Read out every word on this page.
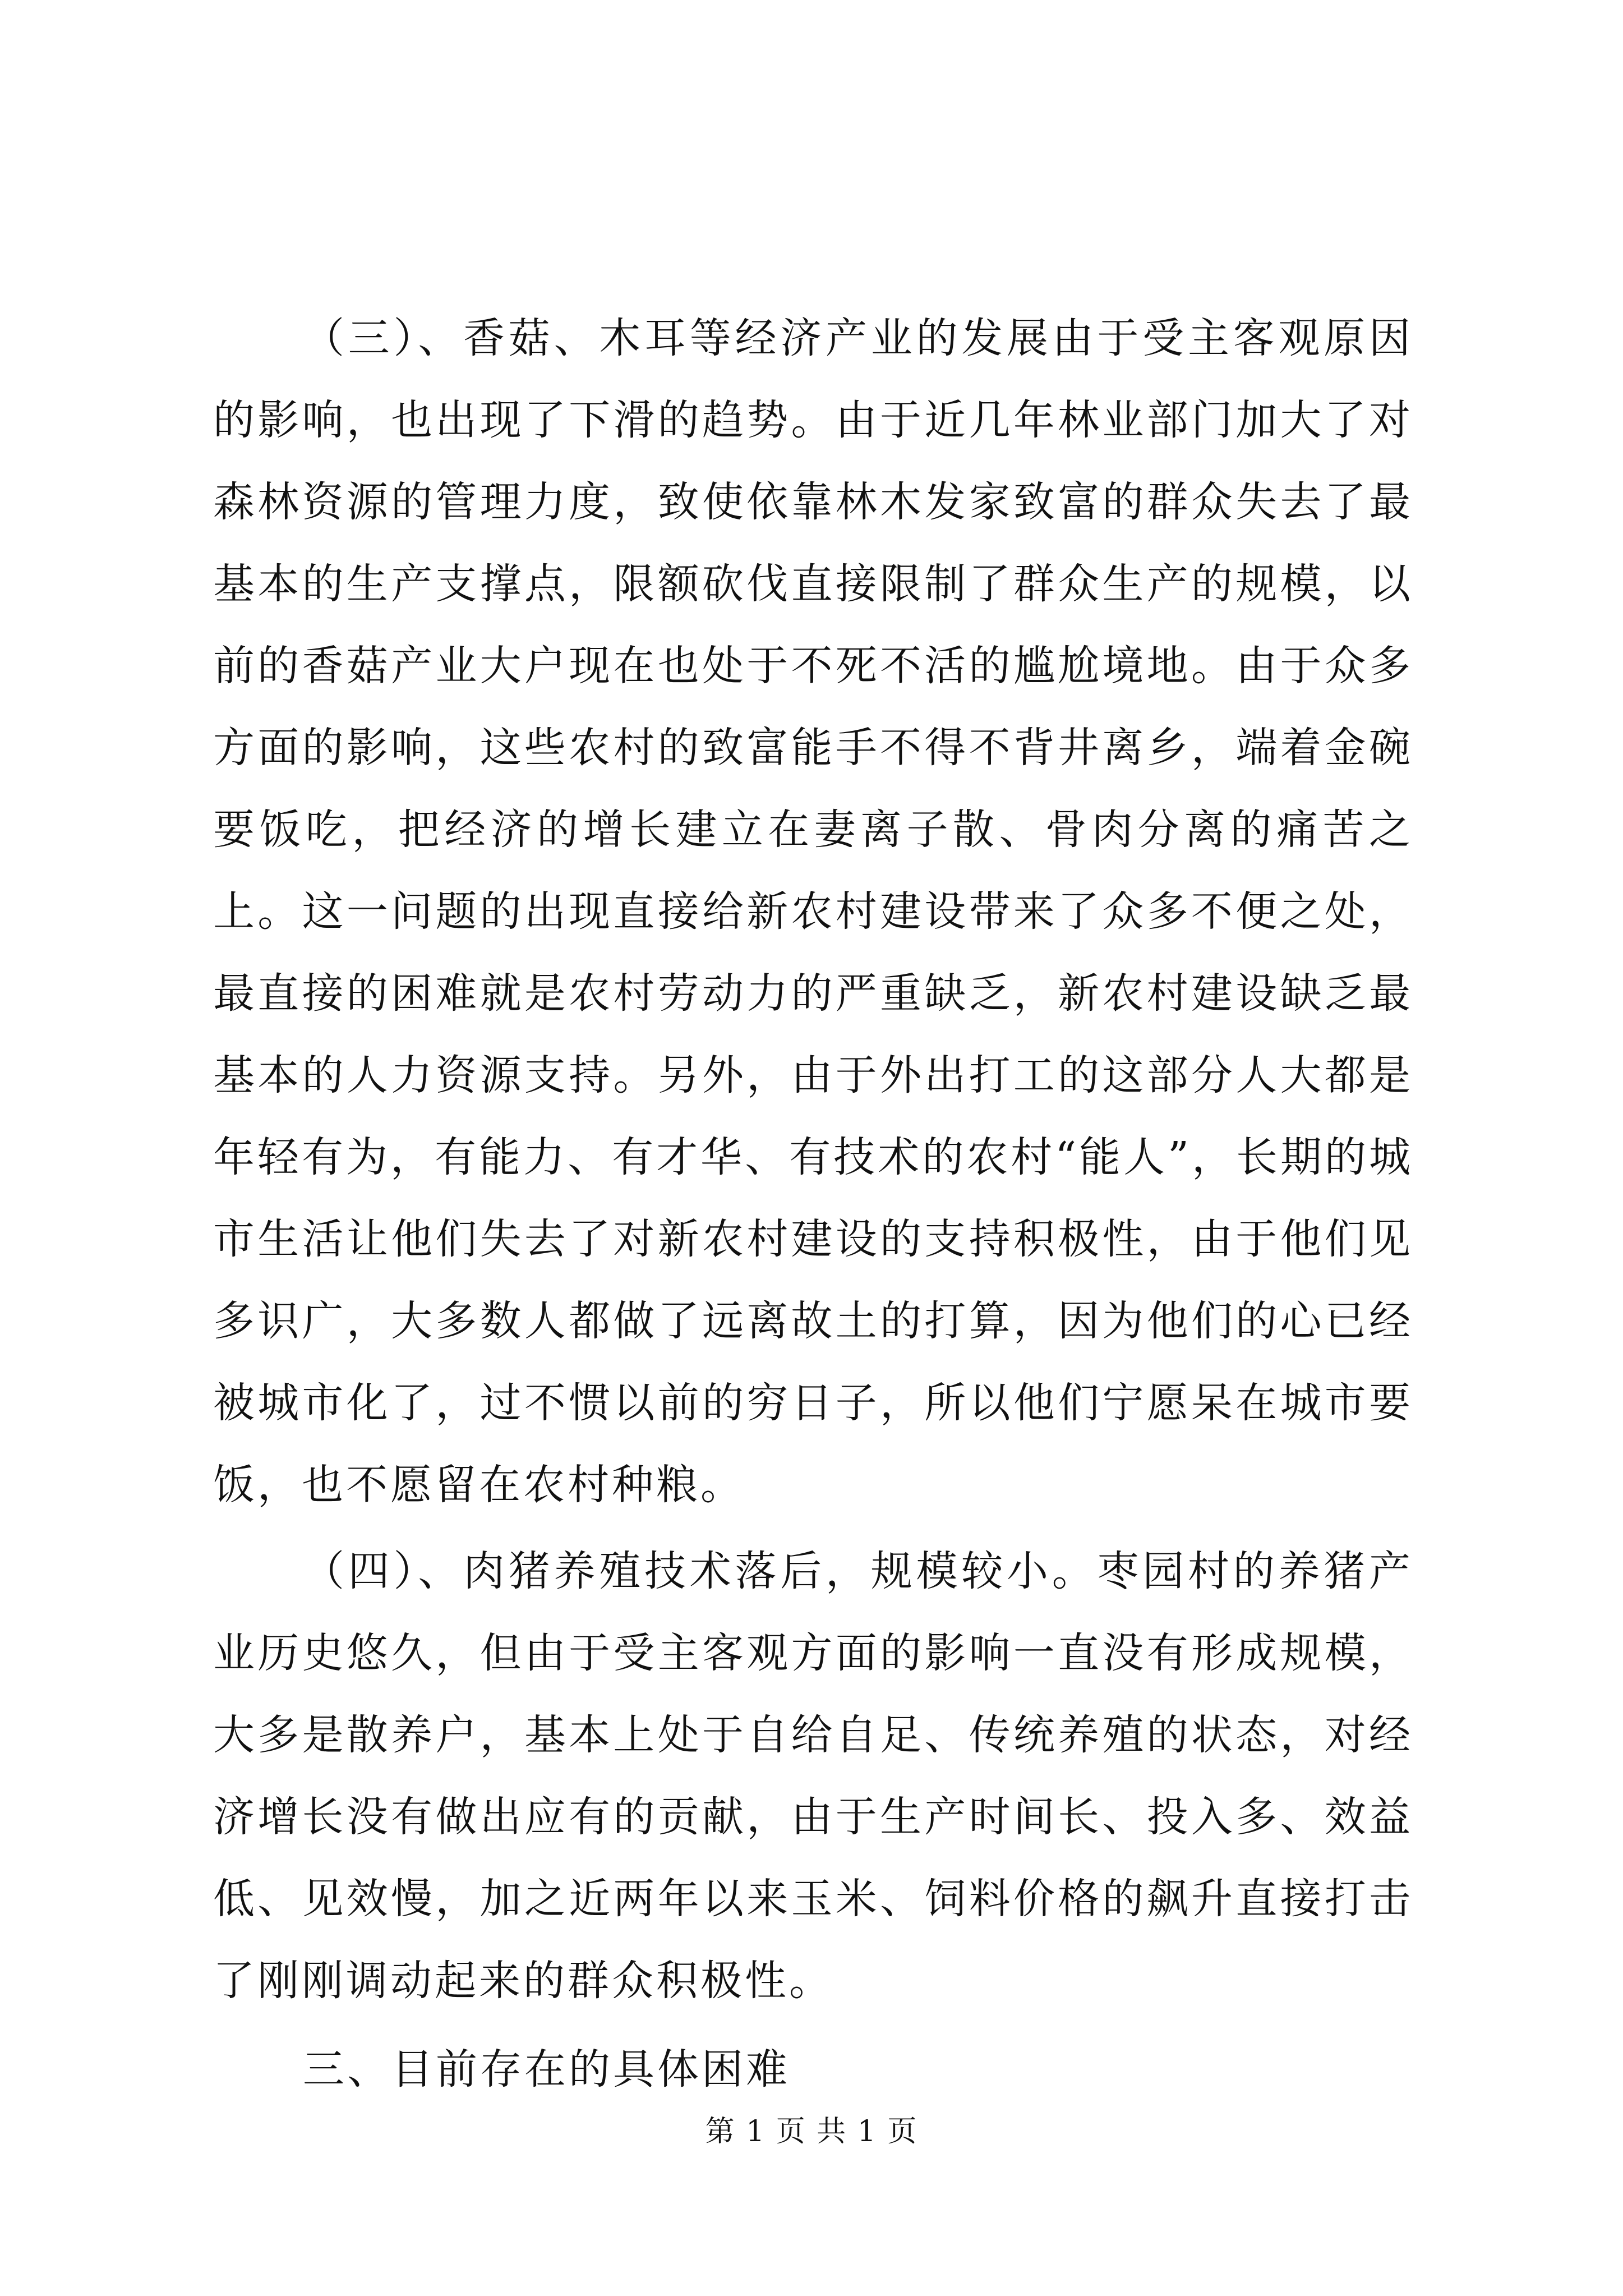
（三）、香菇、木耳等经济产业的发展由于受主客观原因的影响，也出现了下滑的趋势。由于近几年林业部门加大了对森林资源的管理力度，致使依靠林木发家致富的群众失去了最基本的生产支撑点，限额砍伐直接限制了群众生产的规模，以前的香菇产业大户现在也处于不死不活的尴尬境地。由于众多方面的影响，这些农村的致富能手不得不背井离乡，端着金碗要饭吃，把经济的增长建立在妻离子散、骨肉分离的痛苦之上。这一问题的出现直接给新农村建设带来了众多不便之处，最直接的困难就是农村劳动力的严重缺乏，新农村建设缺乏最基本的人力资源支持。另外，由于外出打工的这部分人大都是年轻有为，有能力、有才华、有技术的农村“能人”，长期的城市生活让他们失去了对新农村建设的支持积极性，由于他们见多识广，大多数人都做了远离故土的打算，因为他们的心已经被城市化了，过不惯以前的穷日子，所以他们宁愿呆在城市要饭，也不愿留在农村种粮。

（四）、肉猪养殖技术落后，规模较小。枣园村的养猪产业历史悠久，但由于受主客观方面的影响一直没有形成规模，大多是散养户，基本上处于自给自足、传统养殖的状态，对经济增长没有做出应有的贡献，由于生产时间长、投入多、效益低、见效慢，加之近两年以来玉米、饲料价格的飙升直接打击了刚刚调动起来的群众积极性。

三、目前存在的具体困难

第 1 页 共 1 页
